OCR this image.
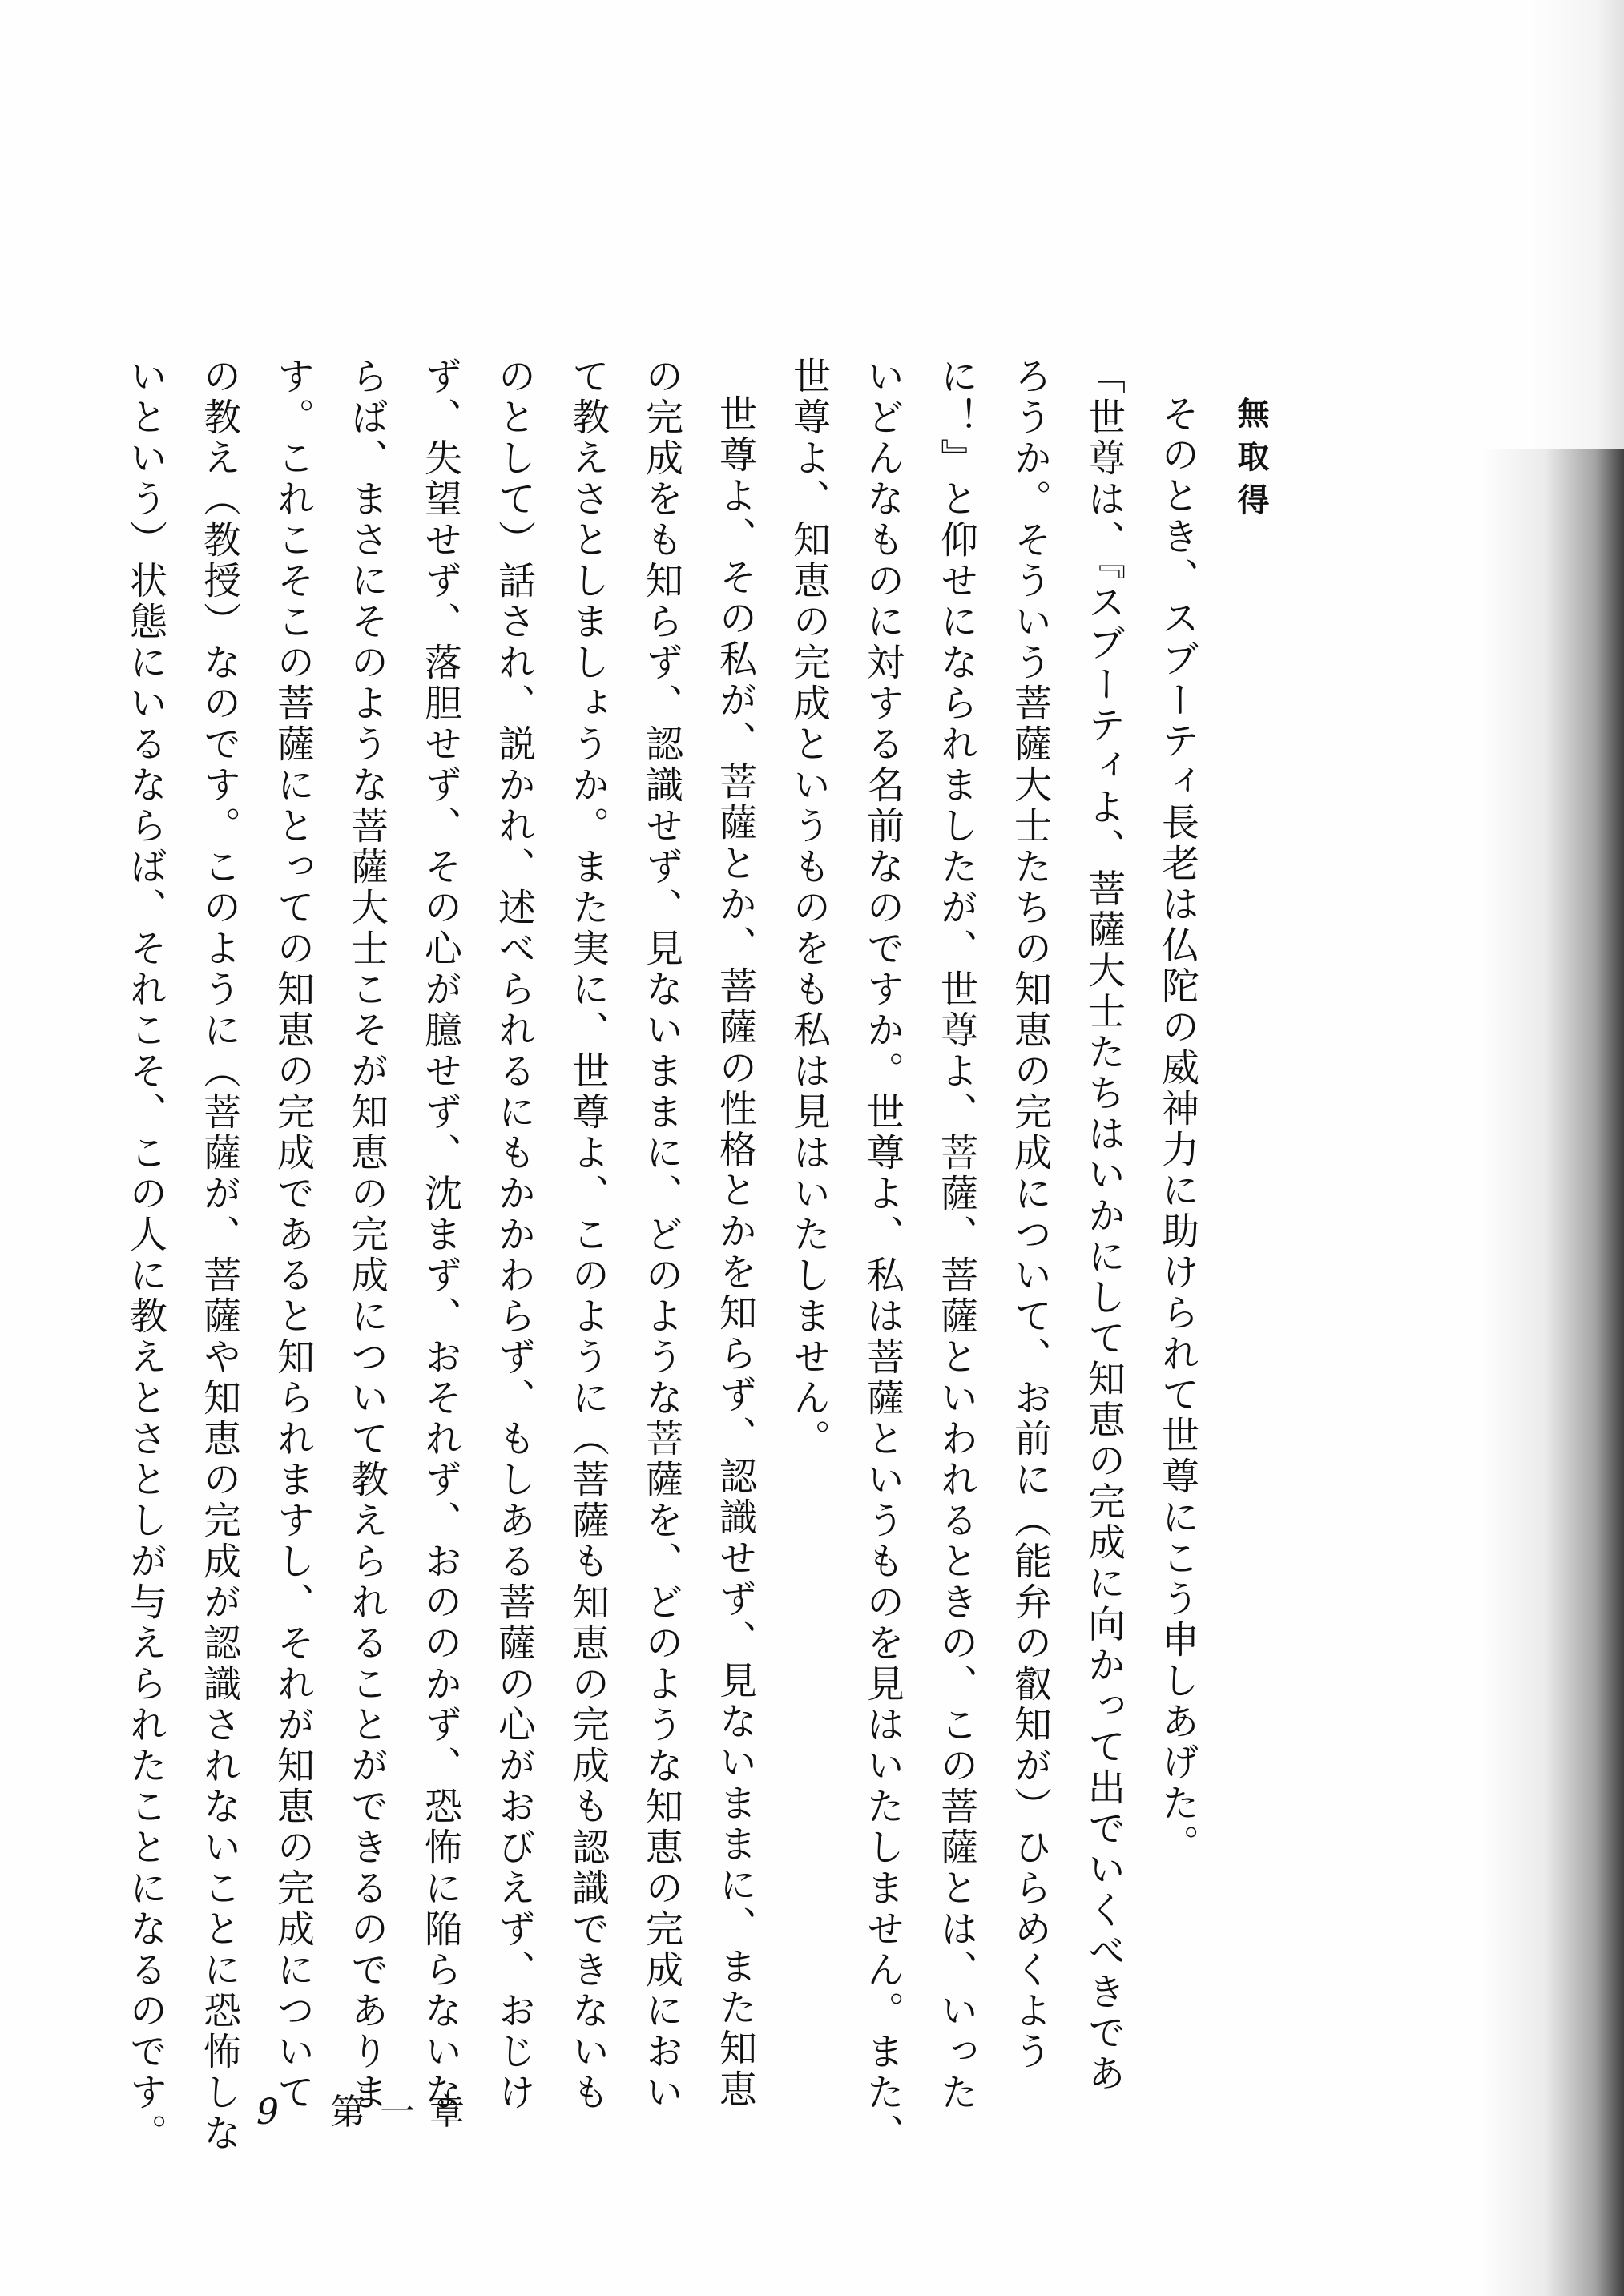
無取得
そのとき、スブーティ長老は仏陀の威神力に助けられて世尊にこう申しあげた。
「世尊は、『スブーティよ、菩薩大士たちはいかにして知恵の完成に向かって出でいくべきであ
ろうか。そういう菩薩大士たちの知恵の完成について、お前に（能弁の叡知が）ひらめくよう
に！』と仰せになられましたが、世尊よ、菩薩、菩薩といわれるときの、この菩薩とは、いった
いどんなものに対する名前なのですか。世尊よ、私は菩薩というものを見はいたしません。また、
世尊よ、知恵の完成というものをも私は見はいたしません。
世尊よ、その私が、菩薩とか、菩薩の性格とかを知らず、認識せず、見ないままに、また知恵
の完成をも知らず、認識せず、見ないままに、どのような菩薩を、どのような知恵の完成におい
て教えさとしましょうか。また実に、世尊よ、このように（菩薩も知恵の完成も認識できないも
のとして）話され、説かれ、述べられるにもかかわらず、もしある菩薩の心がおびえず、おじけ
ず、失望せず、落胆せず、その心が臆せず、沈まず、おそれず、おののかず、恐怖に陥らないな
らば、まさにそのような菩薩大士こそが知恵の完成について教えられることができるのでありま
す。これこそこの菩薩にとっての知恵の完成であると知られますし、それが知恵の完成について
の教え（教授）なのです。このように（菩薩が、菩薩や知恵の完成が認識されないことに恐怖しな
いという）状態にいるならば、それこそ、この人に教えとさとしが与えられたことになるのです。	9 第一章
